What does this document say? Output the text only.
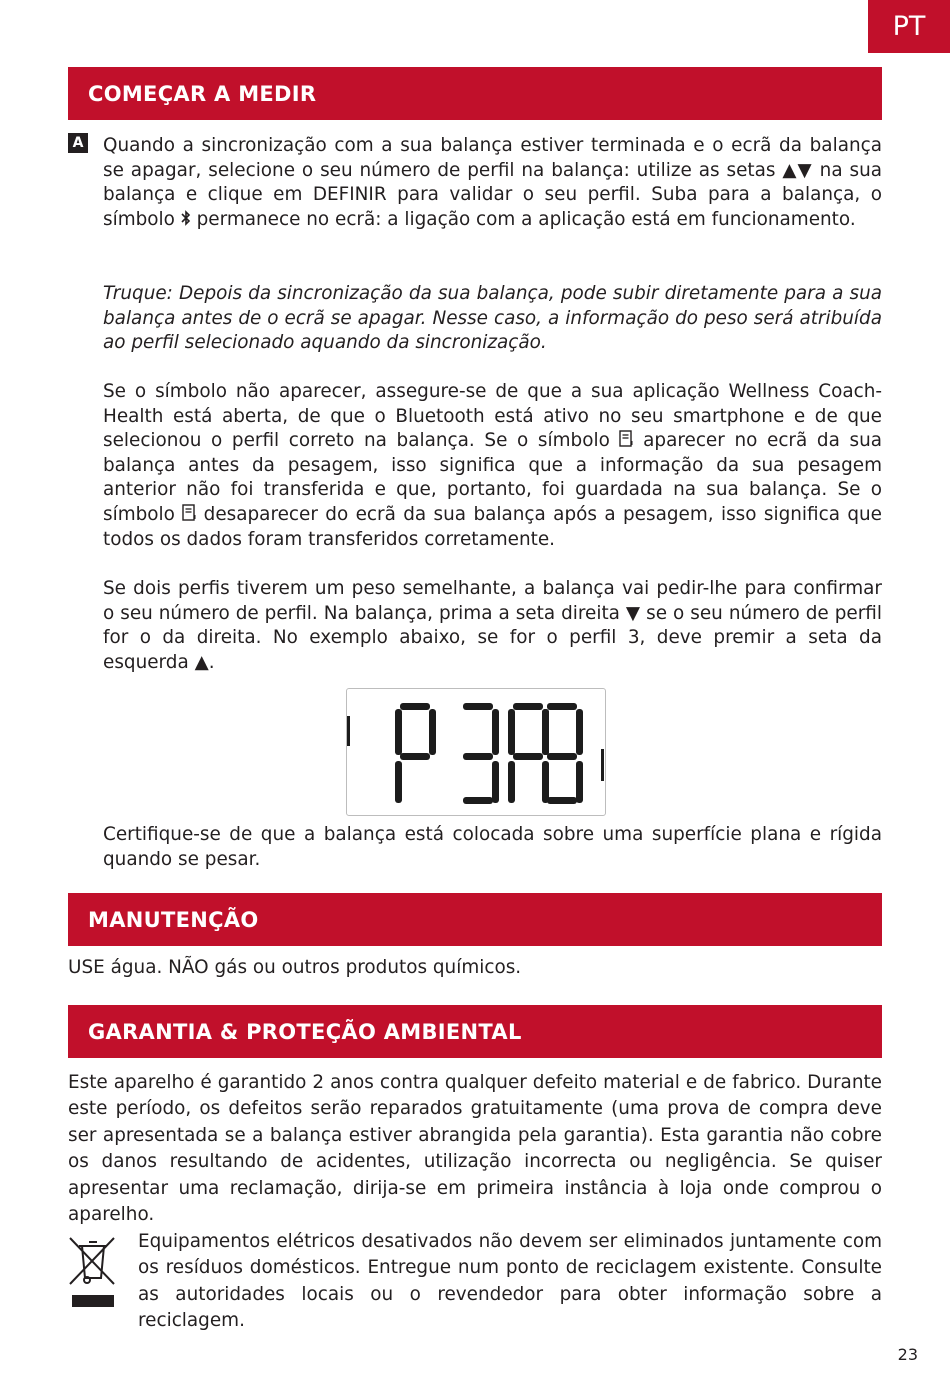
PT
COMEÇAR A MEDIR
A Quando a sincronização com a sua balança estiver terminada e o ecrã da balança se apagar, selecione o seu número de perfil na balança: utilize as setas ▲▼ na sua balança e clique em DEFINIR para validar o seu perfil. Suba para a balança, o símbolo  permanece no ecrã: a ligação com a aplicação está em funcionamento.

Truque: Depois da sincronização da sua balança, pode subir diretamente para a sua balança antes de o ecrã se apagar. Nesse caso, a informação do peso será atribuída ao perfil selecionado aquando da sincronização.

Se o símbolo não aparecer, assegure-se de que a sua aplicação Wellness Coach-Health está aberta, de que o Bluetooth está ativo no seu smartphone e de que selecionou o perfil correto na balança. Se o símbolo  aparecer no ecrã da sua balança antes da pesagem, isso significa que a informação da sua pesagem anterior não foi transferida e que, portanto, foi guardada na sua balança. Se o símbolo  desaparecer do ecrã da sua balança após a pesagem, isso significa que todos os dados foram transferidos corretamente.

Se dois perfis tiverem um peso semelhante, a balança vai pedir-lhe para confirmar o seu número de perfil. Na balança, prima a seta direita ▼ se o seu número de perfil for o da direita. No exemplo abaixo, se for o perfil 3, deve premir a seta da esquerda ▲.

Certifique-se de que a balança está colocada sobre uma superfície plana e rígida quando se pesar.

MANUTENÇÃO

USE água. NÃO gás ou outros produtos químicos.

GARANTIA & PROTEÇÃO AMBIENTAL

Este aparelho é garantido 2 anos contra qualquer defeito material e de fabrico. Durante este período, os defeitos serão reparados gratuitamente (uma prova de compra deve ser apresentada se a balança estiver abrangida pela garantia). Esta garantia não cobre os danos resultando de acidentes, utilização incorrecta ou negligência. Se quiser apresentar uma reclamação, dirija-se em primeira instância à loja onde comprou o aparelho.

Equipamentos elétricos desativados não devem ser eliminados juntamente com os resíduos domésticos. Entregue num ponto de reciclagem existente. Consulte as autoridades locais ou o revendedor para obter informação sobre a reciclagem.

23
